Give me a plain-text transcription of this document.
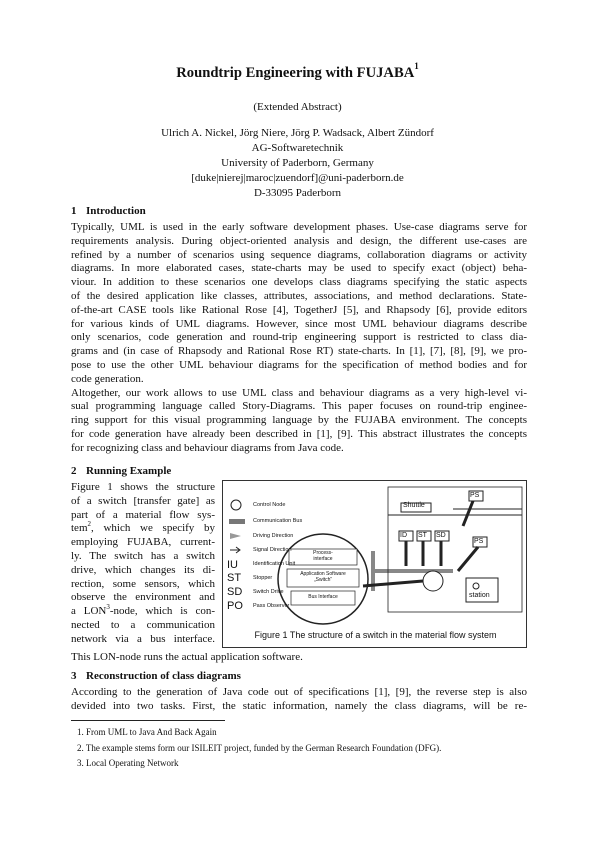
Roundtrip Engineering with FUJABA$^1$
(Extended Abstract)
Ulrich A. Nickel, Jörg Niere, Jörg P. Wadsack, Albert Zündorf
AG-Softwaretechnik
University of Paderborn, Germany
[duke|nierej|maroc|zuendorf]@uni-paderborn.de
D-33095 Paderborn
1 Introduction
Typically, UML is used in the early software development phases. Use-case diagrams serve for
requirements analysis. During object-oriented analysis and design, the different use-cases are
refined by a number of scenarios using sequence diagrams, collaboration diagrams or activity
diagrams. In more elaborated cases, state-charts may be used to specify exact (object) beha-
viour. In addition to these scenarios one develops class diagrams specifying the static aspects
of the desired application like classes, attributes, associations, and method declarations. State-
of-the-art CASE tools like Rational Rose [4], TogetherJ [5], and Rhapsody [6], provide editors
for various kinds of UML diagrams. However, since most UML behaviour diagrams describe
only scenarios, code generation and round-trip engineering support is restricted to class dia-
grams and (in case of Rhapsody and Rational Rose RT) state-charts. In [1], [7], [8], [9], we pro-
pose to use the other UML behaviour diagrams for the specification of method bodies and for
code generation.
Altogether, our work allows to use UML class and behaviour diagrams as a very high-level vi-
sual programming language called Story-Diagrams. This paper focuses on round-trip enginee-
ring support for this visual programming language by the FUJABA environment. The concepts
for code generation have already been described in [1], [9]. This abstract illustrates the concepts
for recognizing class and behaviour diagrams from Java code.
2 Running Example
Figure 1 shows the structure
of a switch [transfer gate] as
part of a material flow sys-
tem$^2$, which we specify by
employing FUJABA, current-
ly. The switch has a switch
drive, which changes its di-
rection, some sensors, which
observe the environment and
a LON$^3$-node, which is con-
nected to a communication
network via a bus interface.
This LON-node runs the actual application software.
Control Node
Communication Bus
Driving Direction
Signal Direction
IU	Identification Unit
ST Stopper
SD Switch Drive
PO Pass Observer
Process-
interface
Application Software
„Switch“
Bus Interface
Shuttle
ID ST SD
PS
PS
station
Figure 1 The structure of a switch in the material flow system
3 Reconstruction of class diagrams
According to the generation of Java code out of specifications [1], [9], the reverse step is also
devided into two tasks. First, the static information, namely the class diagrams, will be re-
1. From UML to Java And Back Again
2. The example stems form our ISILEIT project, funded by the German Research Foundation (DFG).
3. Local Operating Network
